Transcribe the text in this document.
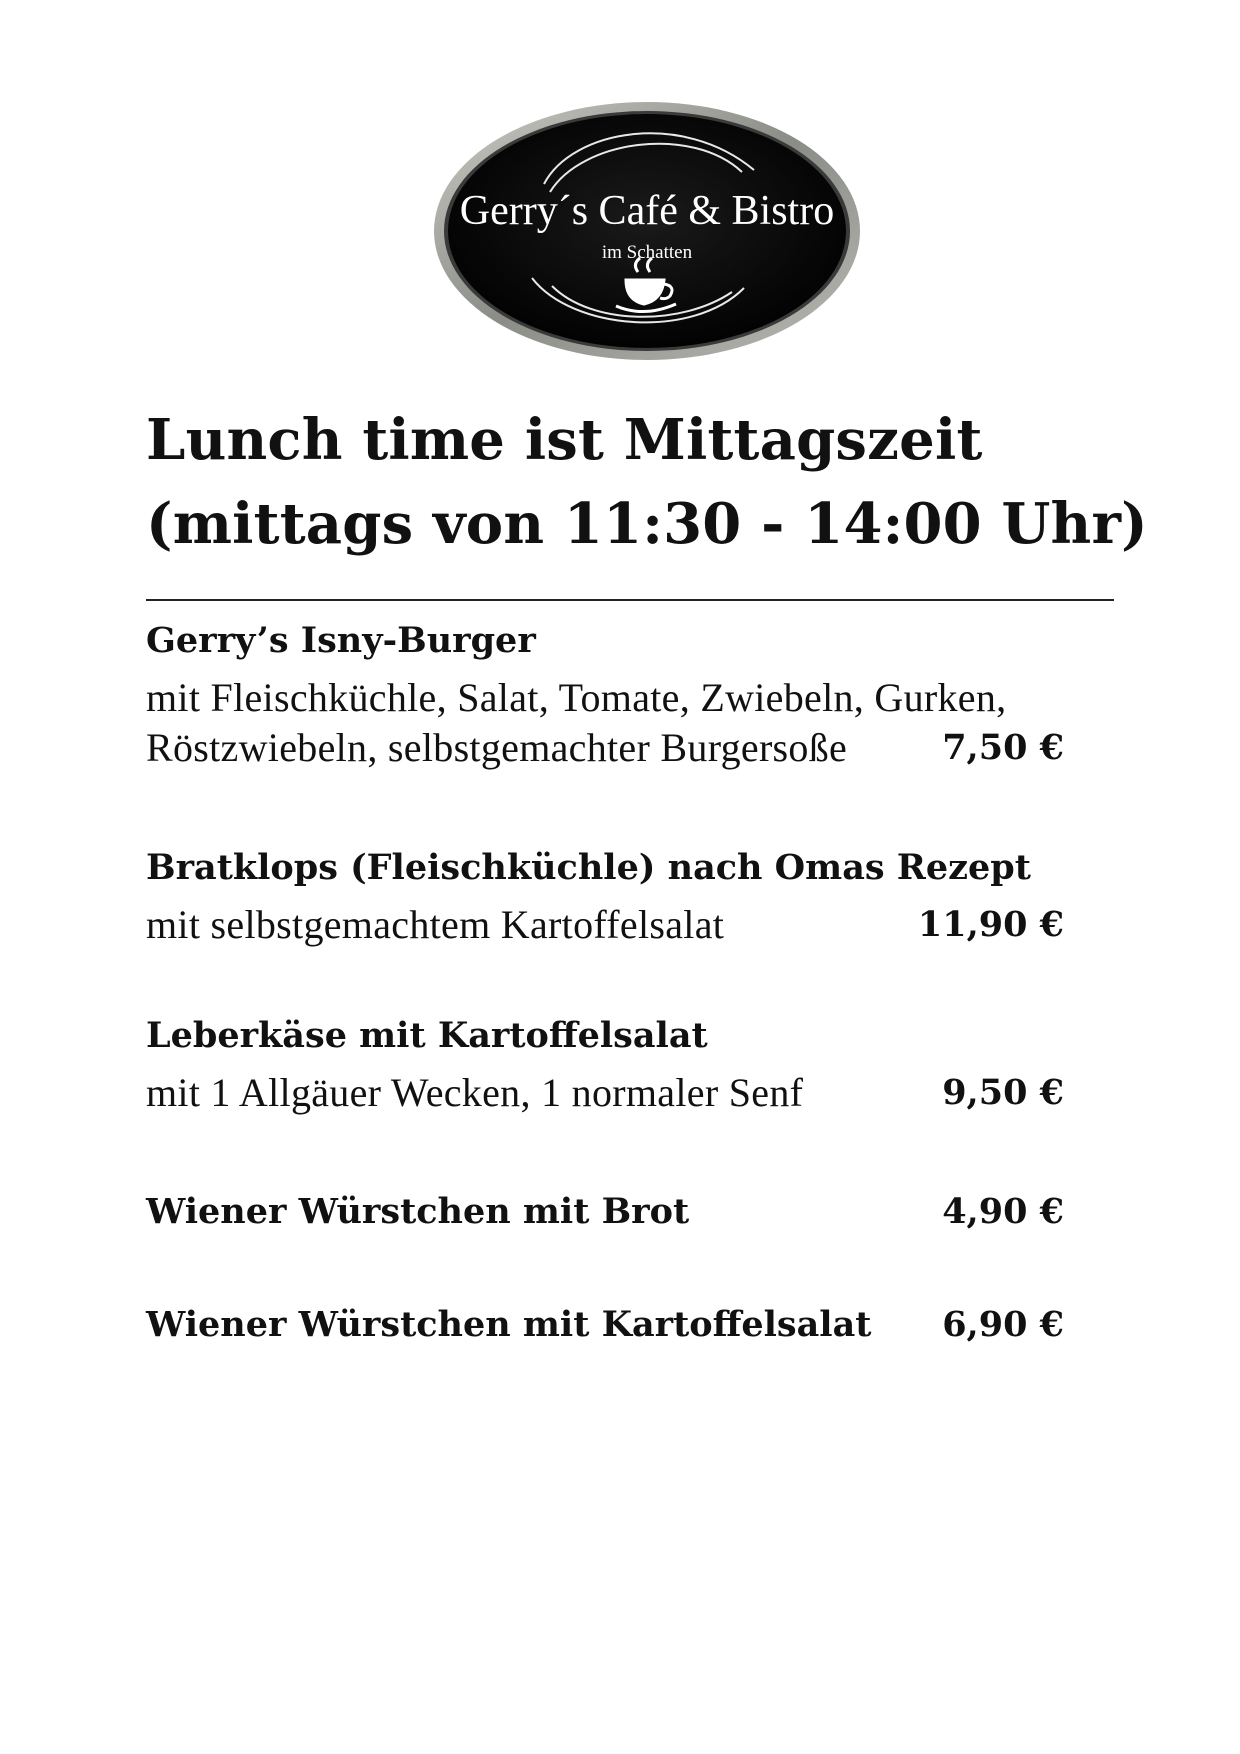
Gerry´s Café & Bistro
im Schatten
Lunch time ist Mittagszeit
(mittags von 11:30 - 14:00 Uhr)
Gerry’s Isny-Burger
mit Fleischküchle, Salat, Tomate, Zwiebeln, Gurken,
Röstzwiebeln, selbstgemachter Burgersoße	7,50 €
Bratklops (Fleischküchle) nach Omas Rezept
mit selbstgemachtem Kartoffelsalat	11,90 €
Leberkäse mit Kartoffelsalat
mit 1 Allgäuer Wecken, 1 normaler Senf	9,50 €
Wiener Würstchen mit Brot	4,90 €
Wiener Würstchen mit Kartoffelsalat	6,90 €
